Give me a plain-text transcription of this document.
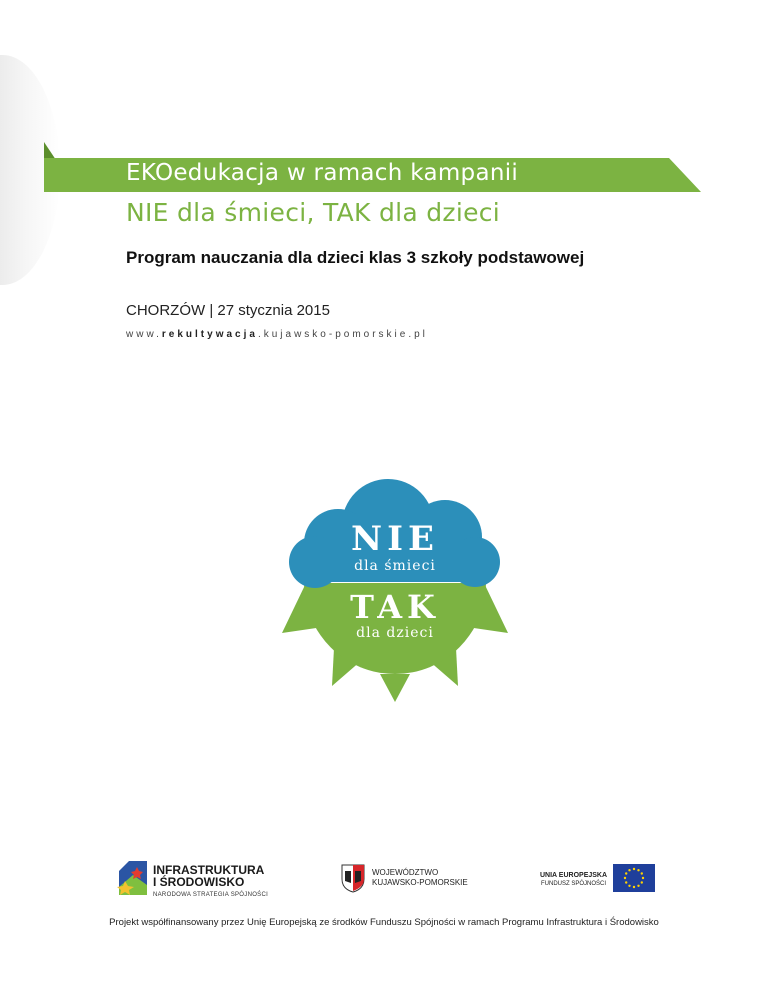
EKOedukacja w ramach kampanii
NIE dla śmieci, TAK dla dzieci
Program nauczania dla dzieci klas 3 szkoły podstawowej
CHORZÓW | 27 stycznia 2015
www.rekultywacja.kujawsko-pomorskie.pl
NIE
dla śmieci
TAK
dla dzieci
INFRASTRUKTURA
I ŚRODOWISKO
NARODOWA STRATEGIA SPÓJNOŚCI
WOJEWÓDZTWO
KUJAWSKO-POMORSKIE
UNIA EUROPEJSKA
FUNDUSZ SPÓJNOŚCI
Projekt współfinansowany przez Unię Europejską ze środków Funduszu Spójności w ramach Programu Infrastruktura i Środowisko
